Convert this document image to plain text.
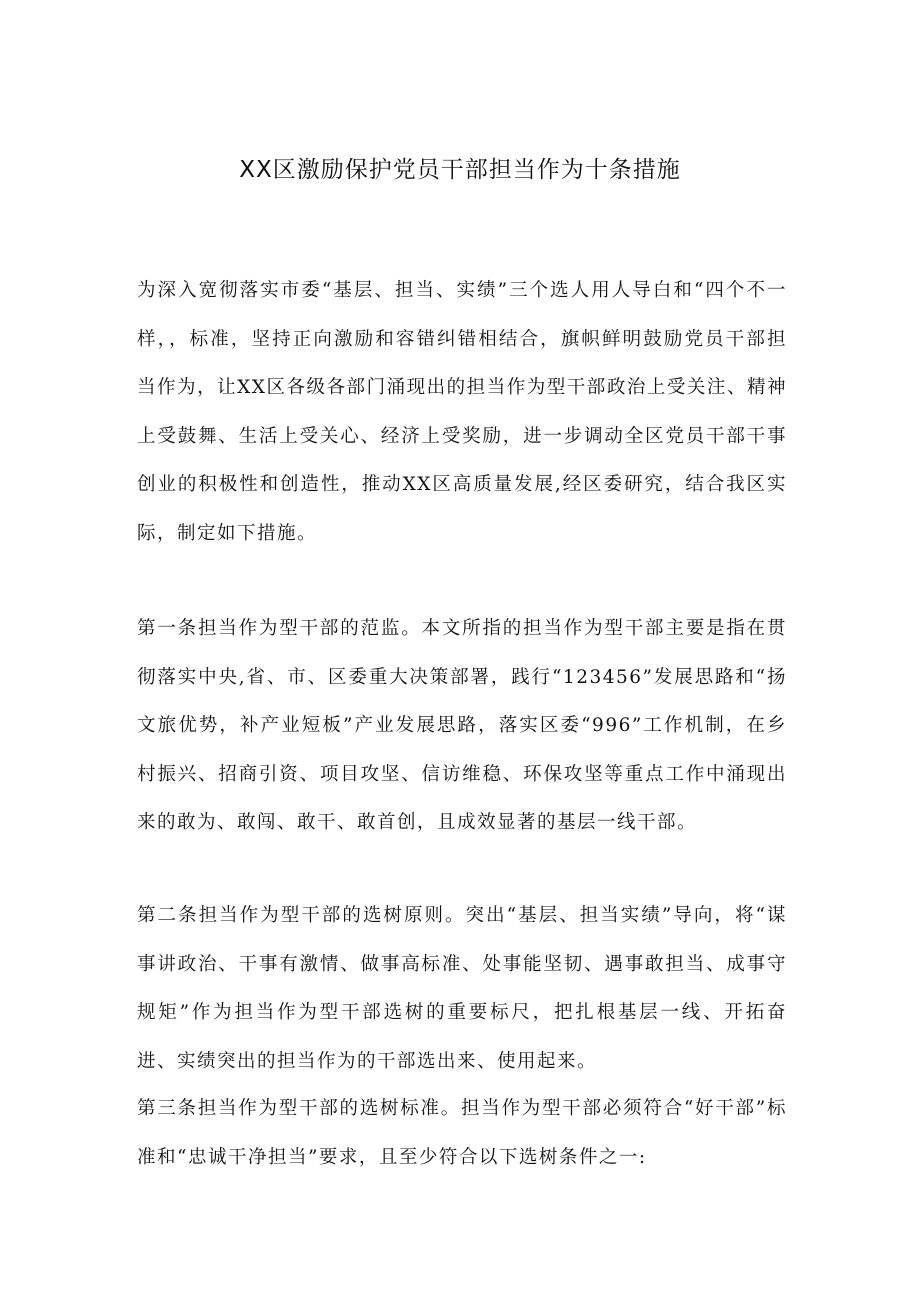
XX区激励保护党员干部担当作为十条措施

为深入宽彻落实市委“基层、担当、实绩”三个选人用人导白和“四个不一样，，标准，坚持正向激励和容错纠错相结合，旗帜鲜明鼓励党员干部担当作为，让XX区各级各部门涌现出的担当作为型干部政治上受关注、精神上受鼓舞、生活上受关心、经济上受奖励，进一步调动全区党员干部干事创业的积极性和创造性，推动XX区高质量发展,经区委研究，结合我区实际，制定如下措施。

第一条担当作为型干部的范监。本文所指的担当作为型干部主要是指在贯彻落实中央,省、市、区委重大决策部署，践行“123456”发展思路和“扬文旅优势，补产业短板”产业发展思路，落实区委“996”工作机制，在乡村振兴、招商引资、项目攻坚、信访维稳、环保攻坚等重点工作中涌现出来的敢为、敢闯、敢干、敢首创，且成效显著的基层一线干部。

第二条担当作为型干部的选树原则。突出“基层、担当实绩”导向，将“谋事讲政治、干事有激情、做事高标准、处事能坚韧、遇事敢担当、成事守规矩”作为担当作为型干部选树的重要标尺，把扎根基层一线、开拓奋进、实绩突出的担当作为的干部选出来、使用起来。

第三条担当作为型干部的选树标准。担当作为型干部必须符合“好干部”标准和“忠诚干净担当”要求，且至少符合以下选树条件之一:
